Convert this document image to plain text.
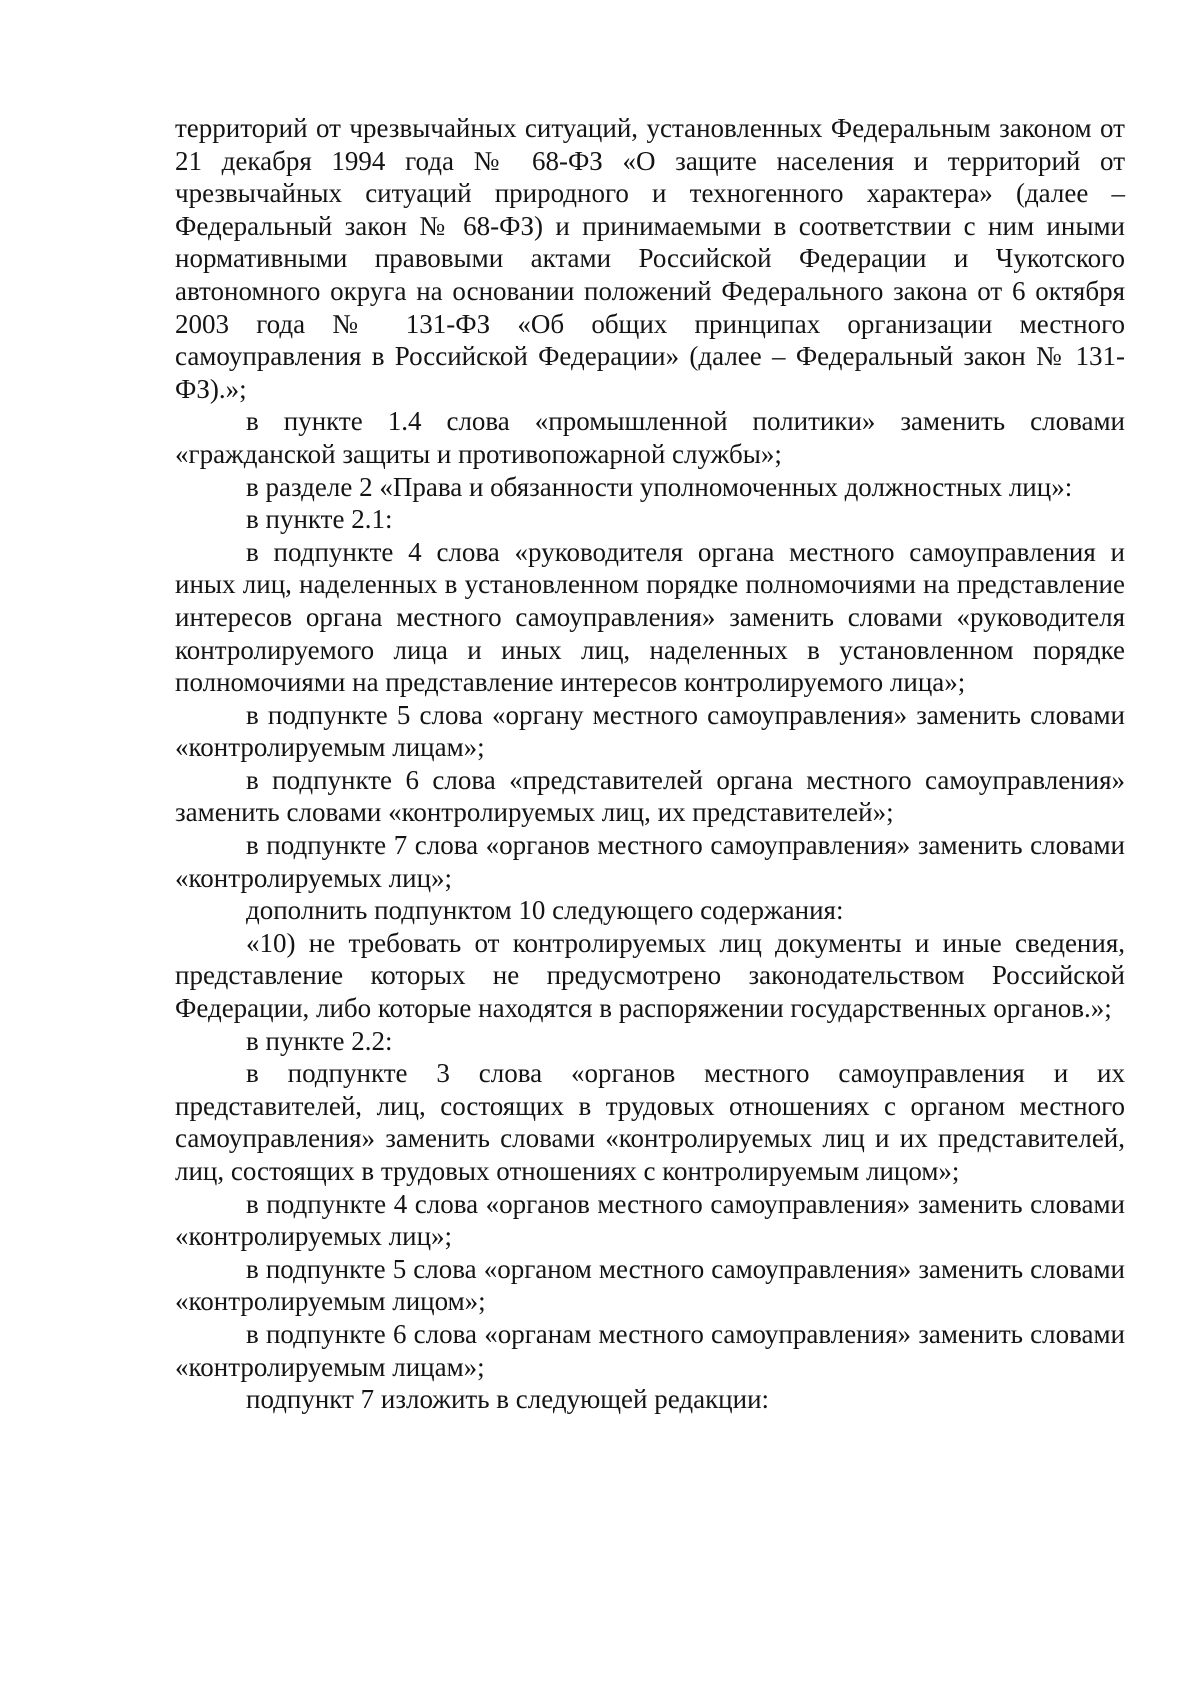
территорий от чрезвычайных ситуаций, установленных Федеральным законом от 21 декабря 1994 года № 68-ФЗ «О защите населения и территорий от чрезвычайных ситуаций природного и техногенного характера» (далее – Федеральный закон № 68-ФЗ) и принимаемыми в соответствии с ним иными нормативными правовыми актами Российской Федерации и Чукотского автономного округа на основании положений Федерального закона от 6 октября 2003 года № 131-ФЗ «Об общих принципах организации местного самоуправления в Российской Федерации» (далее – Федеральный закон № 131-ФЗ).»;

в пункте 1.4 слова «промышленной политики» заменить словами «гражданской защиты и противопожарной службы»;

в разделе 2 «Права и обязанности уполномоченных должностных лиц»:

в пункте 2.1:

в подпункте 4 слова «руководителя органа местного самоуправления и иных лиц, наделенных в установленном порядке полномочиями на представление интересов органа местного самоуправления» заменить словами «руководителя контролируемого лица и иных лиц, наделенных в установленном порядке полномочиями на представление интересов контролируемого лица»;

в подпункте 5 слова «органу местного самоуправления» заменить словами «контролируемым лицам»;

в подпункте 6 слова «представителей органа местного самоуправления» заменить словами «контролируемых лиц, их представителей»;

в подпункте 7 слова «органов местного самоуправления» заменить словами «контролируемых лиц»;

дополнить подпунктом 10 следующего содержания:

«10) не требовать от контролируемых лиц документы и иные сведения, представление которых не предусмотрено законодательством Российской Федерации, либо которые находятся в распоряжении государственных органов.»;

в пункте 2.2:

в подпункте 3 слова «органов местного самоуправления и их представителей, лиц, состоящих в трудовых отношениях с органом местного самоуправления» заменить словами «контролируемых лиц и их представителей, лиц, состоящих в трудовых отношениях с контролируемым лицом»;

в подпункте 4 слова «органов местного самоуправления» заменить словами «контролируемых лиц»;

в подпункте 5 слова «органом местного самоуправления» заменить словами «контролируемым лицом»;

в подпункте 6 слова «органам местного самоуправления» заменить словами «контролируемым лицам»;

подпункт 7 изложить в следующей редакции:
